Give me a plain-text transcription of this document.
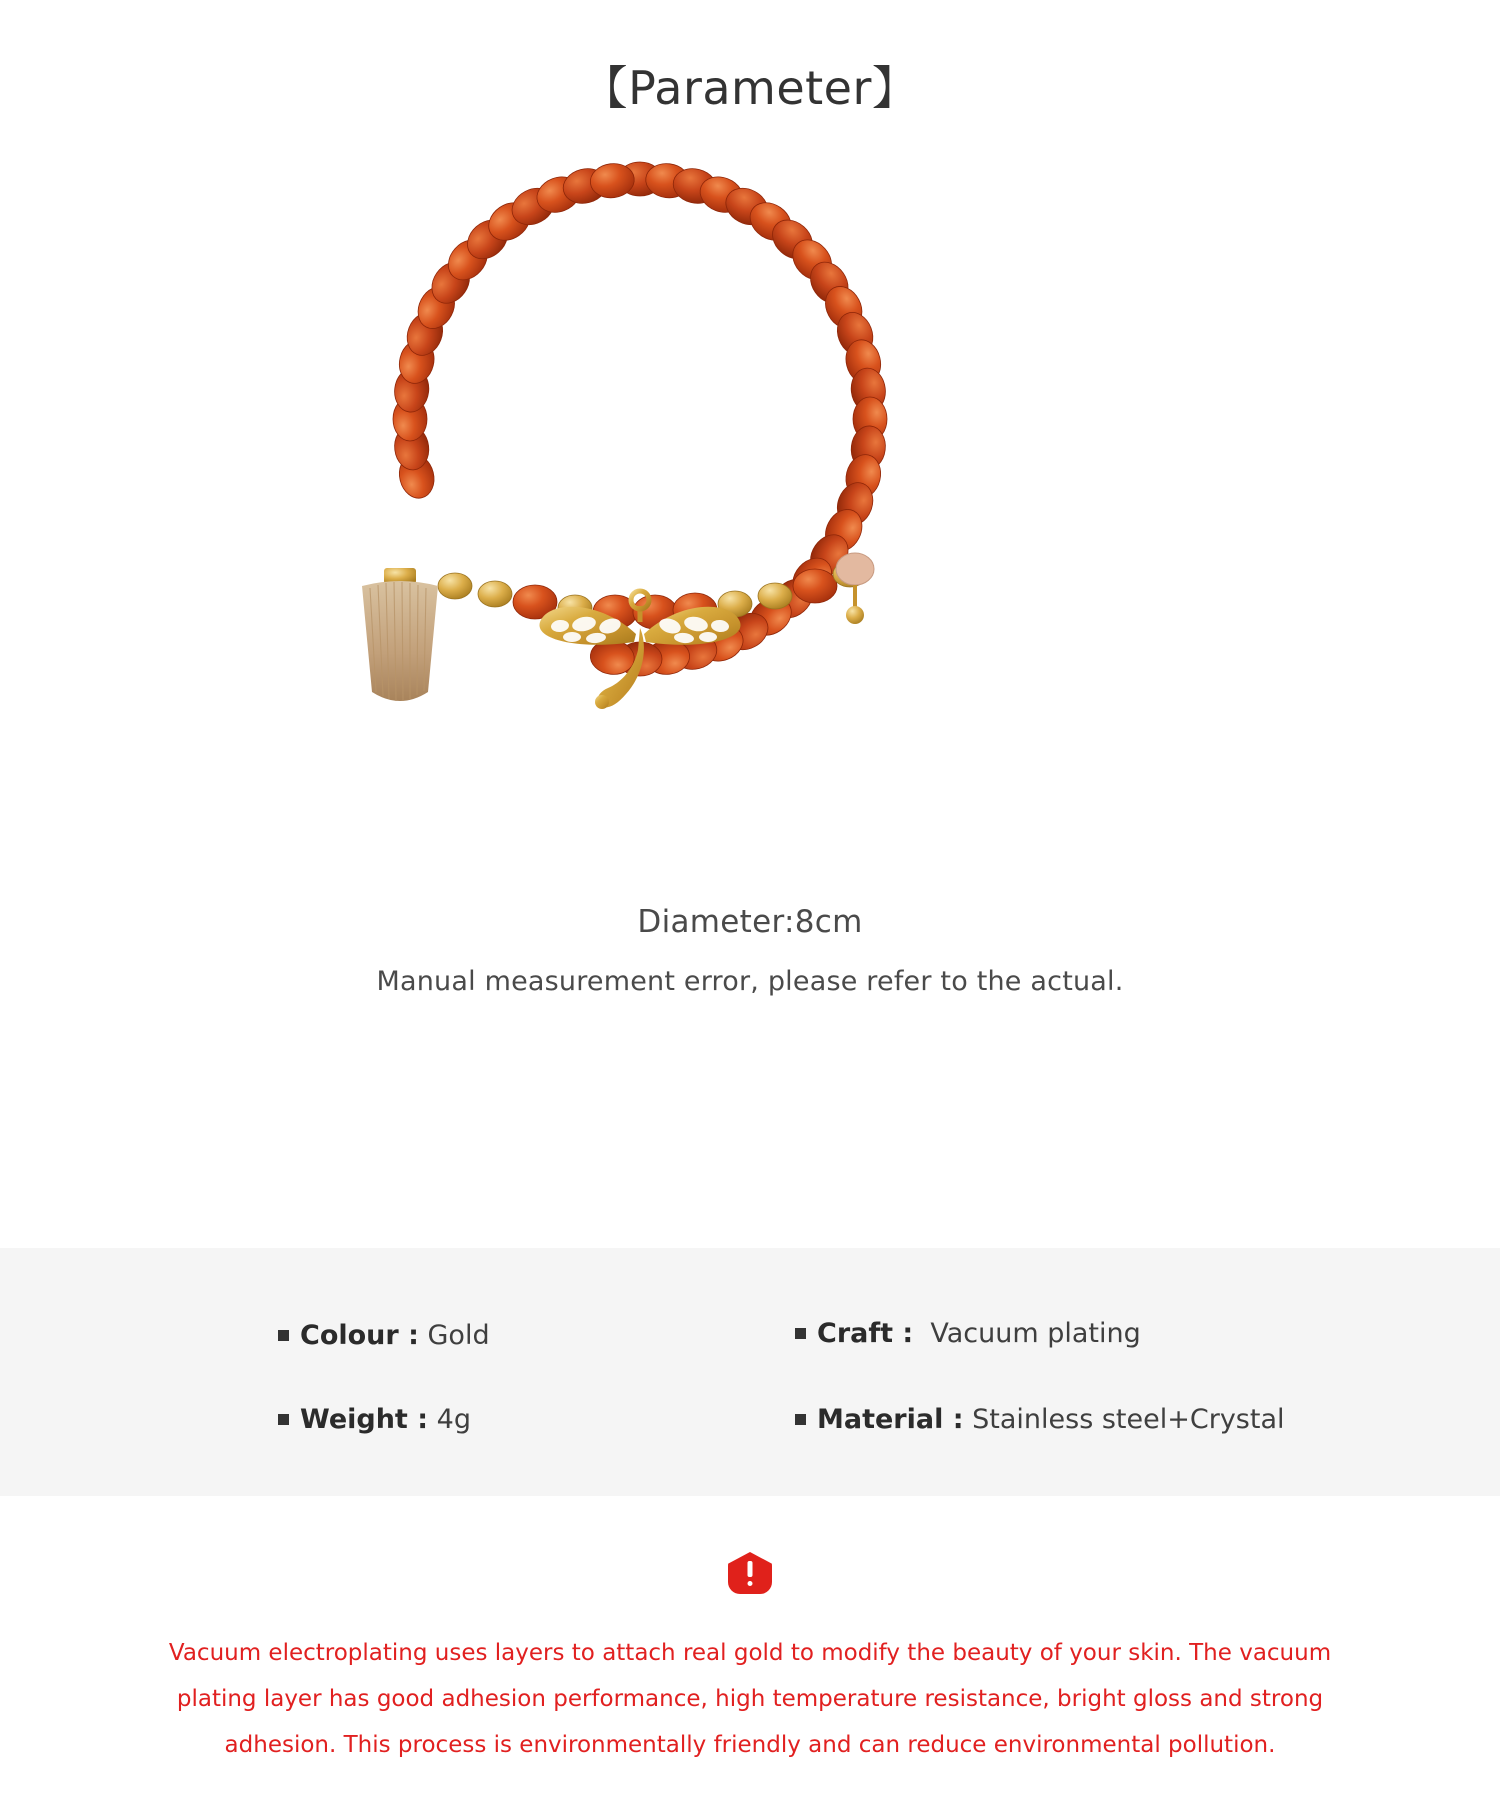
【Parameter】
Diameter:8cm
Manual measurement error, please refer to the actual.
Colour : Gold
Weight : 4g
Craft : Vacuum plating
Material : Stainless steel+Crystal
Vacuum electroplating uses layers to attach real gold to modify the beauty of your skin. The vacuum plating layer has good adhesion performance, high temperature resistance, bright gloss and strong adhesion. This process is environmentally friendly and can reduce environmental pollution.
